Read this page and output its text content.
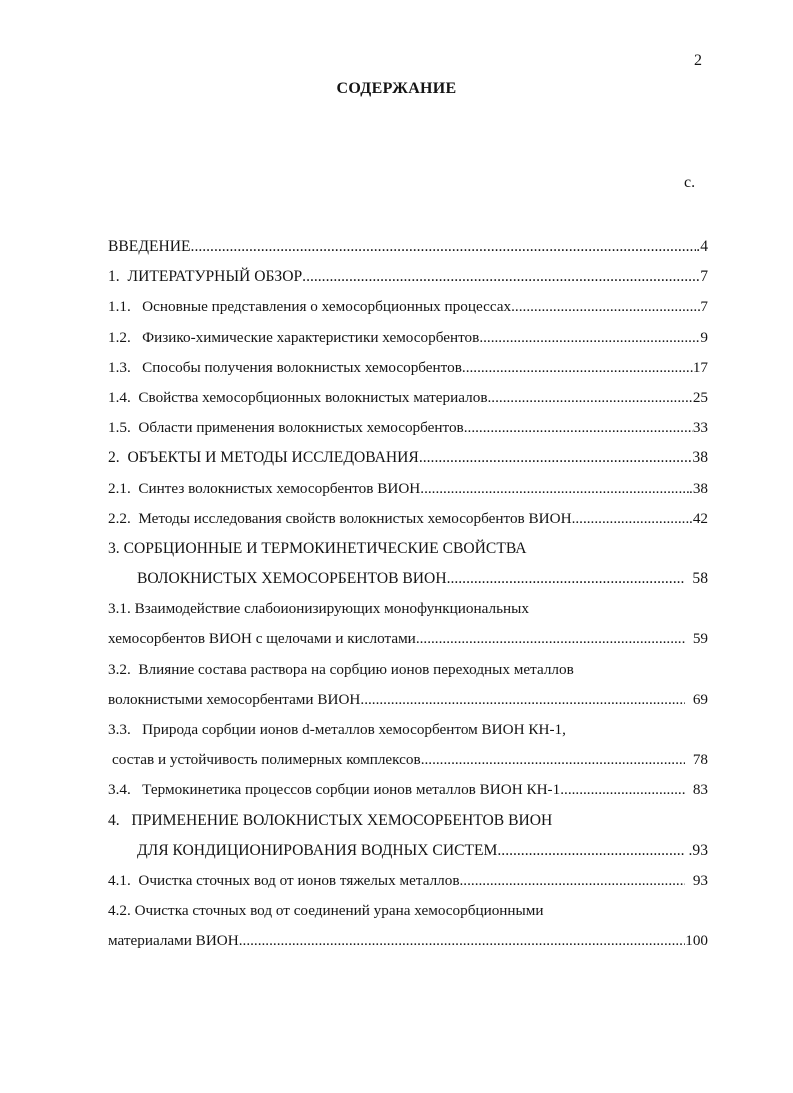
2
СОДЕРЖАНИЕ
с.
ВВЕДЕНИЕ .....	.4
1.  ЛИТЕРАТУРНЫЙ ОБЗОР .....	7
1.1.   Основные представления о хемосорбционных процессах .....	7
1.2.   Физико-химические характеристики хемосорбентов .....	9
1.3.   Способы получения волокнистых хемосорбентов .....	17
1.4.  Свойства хемосорбционных волокнистых материалов .....	25
1.5.  Области применения волокнистых хемосорбентов .....	33
2.  ОБЪЕКТЫ И МЕТОДЫ ИССЛЕДОВАНИЯ .....	38
2.1.  Синтез волокнистых хемосорбентов ВИОН .....	.38
2.2.  Методы исследования свойств волокнистых хемосорбентов ВИОН .....	.42
3. СОРБЦИОННЫЕ И ТЕРМОКИНЕТИЧЕСКИЕ СВОЙСТВА
ВОЛОКНИСТЫХ ХЕМОСОРБЕНТОВ ВИОН .....	58
3.1. Взаимодействие слабоионизирующих монофункциональных
хемосорбентов ВИОН с щелочами и кислотами .....	59
3.2.  Влияние состава раствора на сорбцию ионов переходных металлов
волокнистыми хемосорбентами ВИОН .....	69
3.3.   Природа сорбции ионов d-металлов хемосорбентом ВИОН КН-1,
состав и устойчивость полимерных комплексов .....	78
3.4.   Термокинетика процессов сорбции ионов металлов ВИОН КН-1 .....	83
4.   ПРИМЕНЕНИЕ ВОЛОКНИСТЫХ ХЕМОСОРБЕНТОВ ВИОН
ДЛЯ КОНДИЦИОНИРОВАНИЯ ВОДНЫХ СИСТЕМ .....	.93
4.1.  Очистка сточных вод от ионов тяжелых металлов .....	93
4.2. Очистка сточных вод от соединений урана хемосорбционными
материалами ВИОН .....	100
